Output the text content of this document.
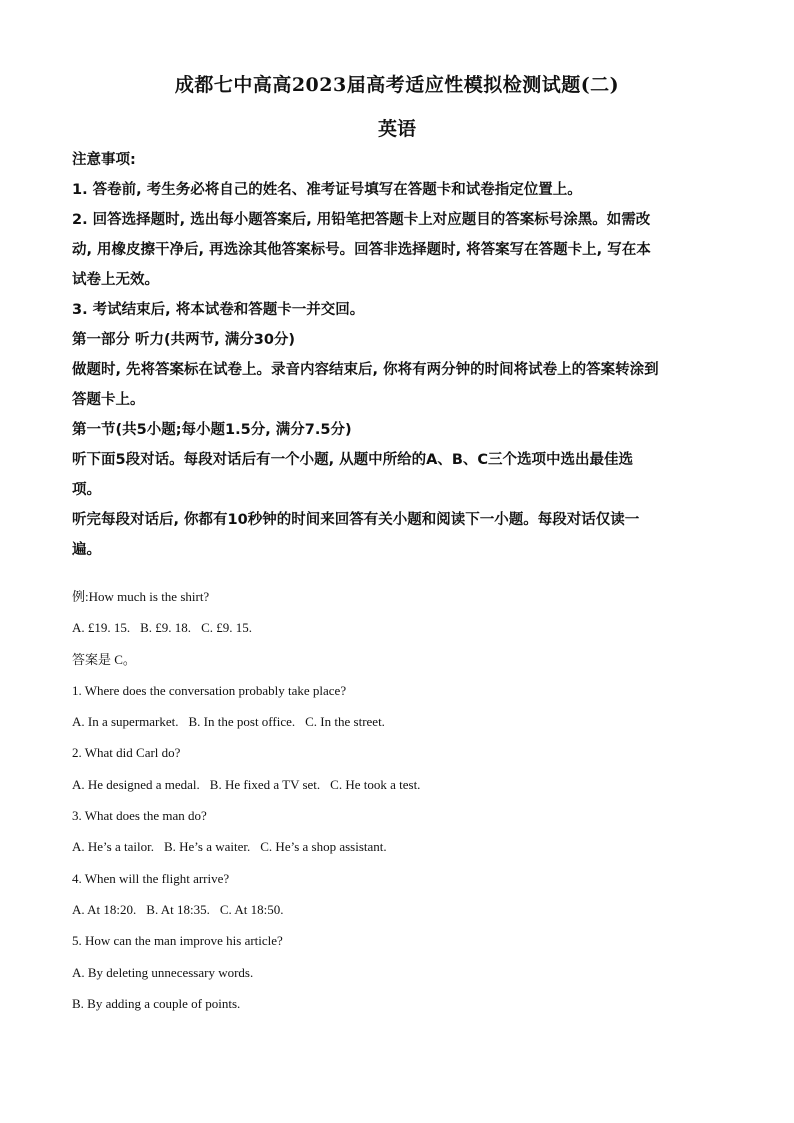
成都七中高高2023届高考适应性模拟检测试题(二)
英语

注意事项:

1. 答卷前, 考生务必将自己的姓名、准考证号填写在答题卡和试卷指定位置上。

2. 回答选择题时, 选出每小题答案后, 用铅笔把答题卡上对应题目的答案标号涂黑。如需改

动, 用橡皮擦干净后, 再选涂其他答案标号。回答非选择题时, 将答案写在答题卡上, 写在本

试卷上无效。

3. 考试结束后, 将本试卷和答题卡一并交回。

第一部分 听力(共两节, 满分30分)

做题时, 先将答案标在试卷上。录音内容结束后, 你将有两分钟的时间将试卷上的答案转涂到

答题卡上。

第一节(共5小题;每小题1.5分, 满分7.5分)

听下面5段对话。每段对话后有一个小题, 从题中所给的A、B、C三个选项中选出最佳选

项。

听完每段对话后, 你都有10秒钟的时间来回答有关小题和阅读下一小题。每段对话仅读一

遍。

例:How much is the shirt?

A. £19. 15. B. £9. 18. C. £9. 15.

答案是 C。

1. Where does the conversation probably take place?

A. In a supermarket. B. In the post office. C. In the street.

2. What did Carl do?

A. He designed a medal. B. He fixed a TV set. C. He took a test.

3. What does the man do?

A. He’s a tailor. B. He’s a waiter. C. He’s a shop assistant.

4. When will the flight arrive?

A. At 18:20. B. At 18:35. C. At 18:50.

5. How can the man improve his article?

A. By deleting unnecessary words.

B. By adding a couple of points.
